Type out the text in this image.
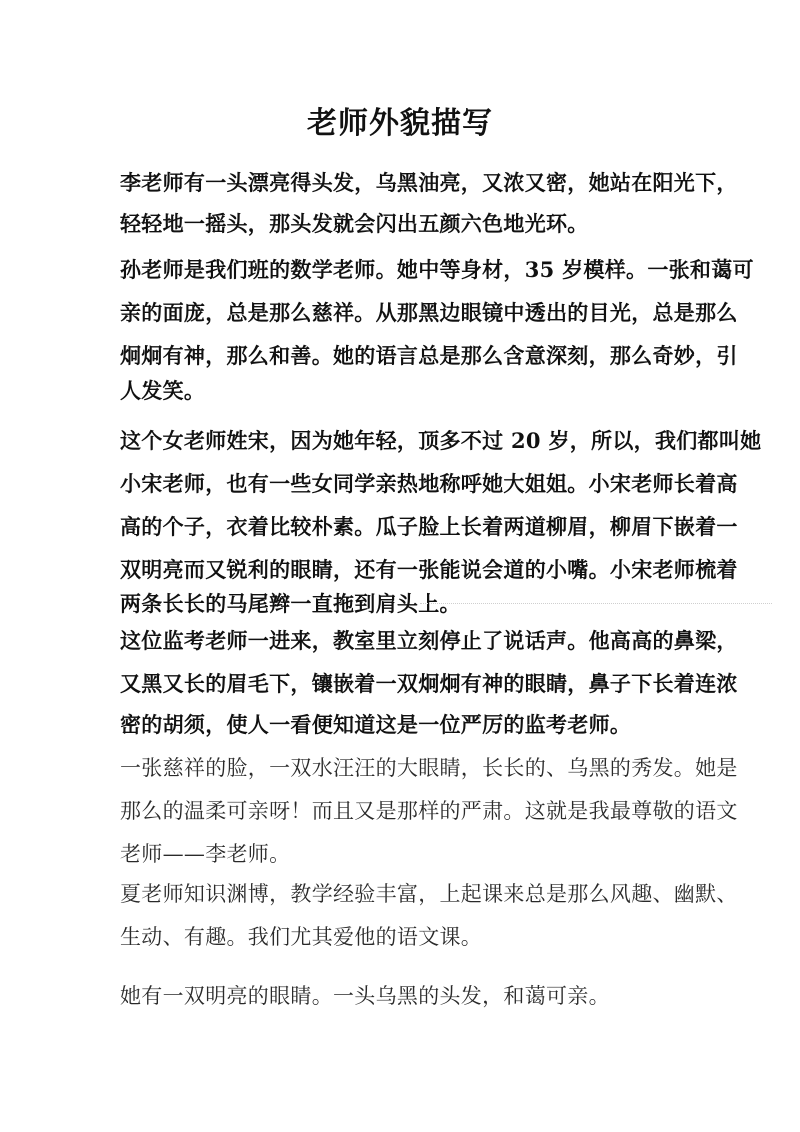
老师外貌描写
李老师有一头漂亮得头发，乌黑油亮，又浓又密，她站在阳光下，
轻轻地一摇头，那头发就会闪出五颜六色地光环。
孙老师是我们班的数学老师。她中等身材，35 岁模样。一张和蔼可
亲的面庞，总是那么慈祥。从那黑边眼镜中透出的目光，总是那么
炯炯有神，那么和善。她的语言总是那么含意深刻，那么奇妙，引
人发笑。
这个女老师姓宋，因为她年轻，顶多不过 20 岁，所以，我们都叫她
小宋老师，也有一些女同学亲热地称呼她大姐姐。小宋老师长着高
高的个子，衣着比较朴素。瓜子脸上长着两道柳眉，柳眉下嵌着一
双明亮而又锐利的眼睛，还有一张能说会道的小嘴。小宋老师梳着
两条长长的马尾辫一直拖到肩头上。
这位监考老师一进来，教室里立刻停止了说话声。他高高的鼻梁，
又黑又长的眉毛下，镶嵌着一双炯炯有神的眼睛，鼻子下长着连浓
密的胡须，使人一看便知道这是一位严厉的监考老师。
一张慈祥的脸，一双水汪汪的大眼睛，长长的、乌黑的秀发。她是
那么的温柔可亲呀！而且又是那样的严肃。这就是我最尊敬的语文
老师——李老师。
夏老师知识渊博，教学经验丰富，上起课来总是那么风趣、幽默、
生动、有趣。我们尤其爱他的语文课。
她有一双明亮的眼睛。一头乌黑的头发，和蔼可亲。
